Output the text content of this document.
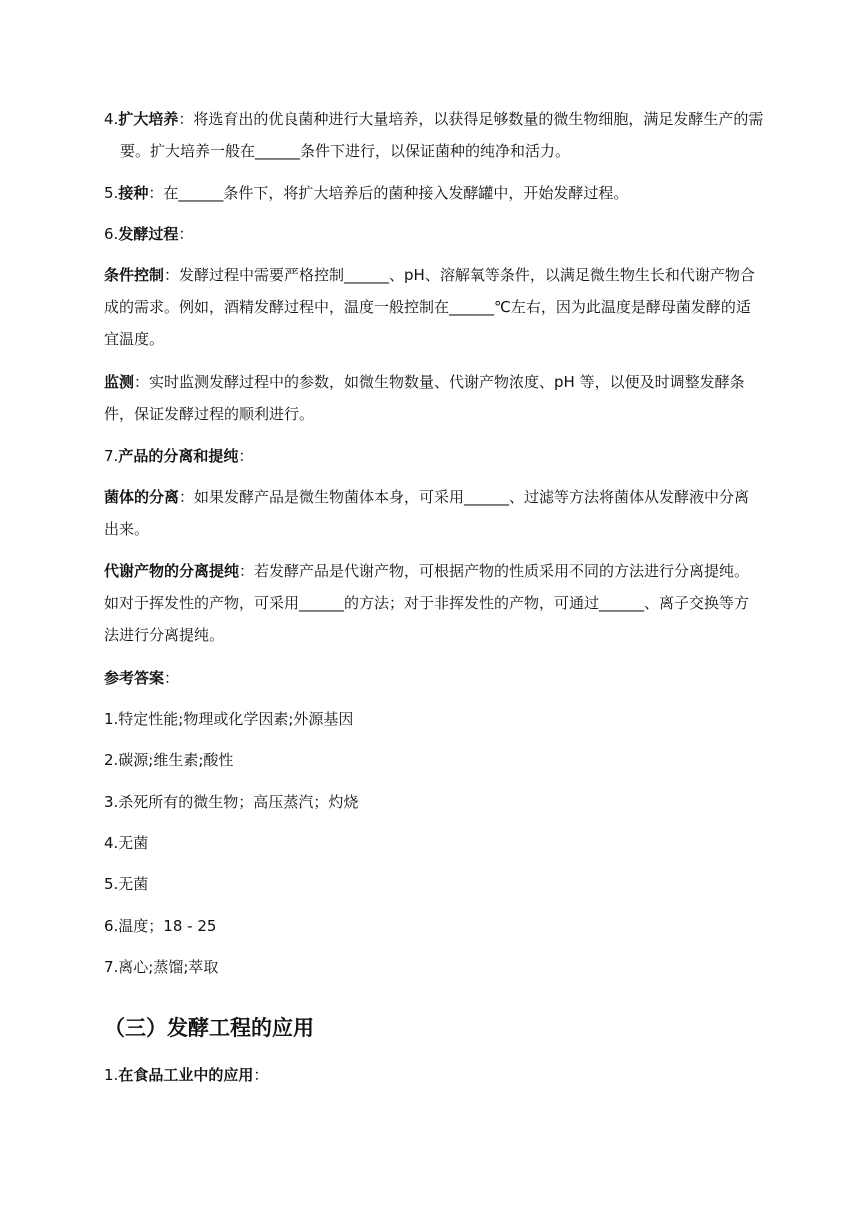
4.扩大培养：将选育出的优良菌种进行大量培养，以获得足够数量的微生物细胞，满足发酵生产的需要。扩大培养一般在______条件下进行，以保证菌种的纯净和活力。

5.接种：在______条件下，将扩大培养后的菌种接入发酵罐中，开始发酵过程。

6.发酵过程：

条件控制：发酵过程中需要严格控制______、pH、溶解氧等条件，以满足微生物生长和代谢产物合成的需求。例如，酒精发酵过程中，温度一般控制在______℃左右，因为此温度是酵母菌发酵的适宜温度。

监测：实时监测发酵过程中的参数，如微生物数量、代谢产物浓度、pH 等，以便及时调整发酵条件，保证发酵过程的顺利进行。

7.产品的分离和提纯：

菌体的分离：如果发酵产品是微生物菌体本身，可采用______、过滤等方法将菌体从发酵液中分离出来。

代谢产物的分离提纯：若发酵产品是代谢产物，可根据产物的性质采用不同的方法进行分离提纯。如对于挥发性的产物，可采用______的方法；对于非挥发性的产物，可通过______、离子交换等方法进行分离提纯。

参考答案：

1.特定性能;物理或化学因素;外源基因

2.碳源;维生素;酸性

3.杀死所有的微生物；高压蒸汽；灼烧

4.无菌

5.无菌

6.温度；18 - 25

7.离心;蒸馏;萃取

（三）发酵工程的应用

1.在食品工业中的应用：
